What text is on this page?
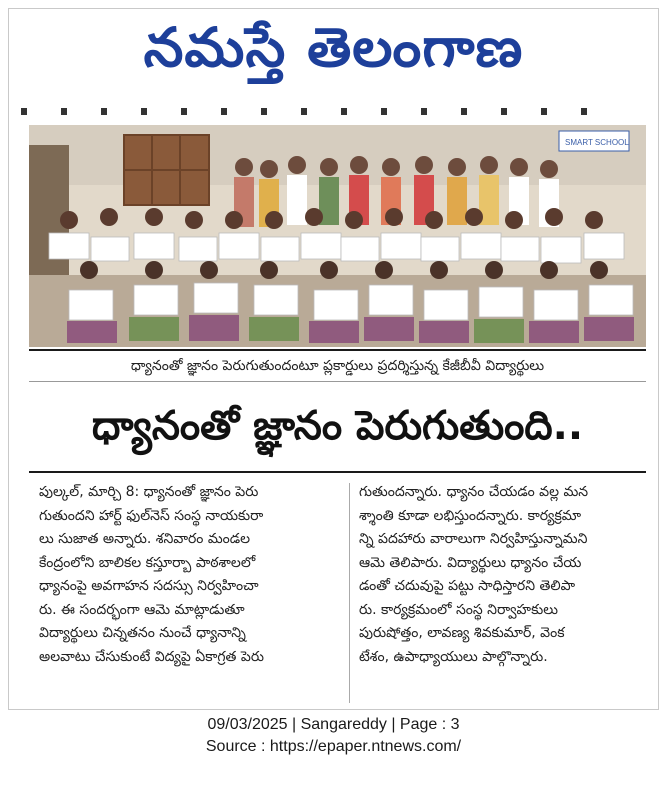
నమస్తే తెలంగాణ
SMART SCHOOL
ధ్యానంతో జ్ఞానం పెరుగుతుందంటూ ప్లకార్డులు ప్రదర్శిస్తున్న కేజీబీవీ విద్యార్థులు
ధ్యానంతో జ్ఞానం పెరుగుతుంది..

పుల్కల్, మార్చి 8: ధ్యానంతో జ్ఞానం పెరు

గుతుందని హార్ట్ ఫుల్‌నెస్ సంస్థ నాయకురా

లు సుజాత అన్నారు. శనివారం మండల

కేంద్రంలోని బాలికల కస్తూర్బా పాఠశాలలో

ధ్యానంపై అవగాహన సదస్సు నిర్వహించా

రు. ఈ సందర్భంగా ఆమె మాట్లాడుతూ

విద్యార్థులు చిన్నతనం నుంచే ధ్యానాన్ని

అలవాటు చేసుకుంటే విద్యపై ఏకాగ్రత పెరు

గుతుందన్నారు. ధ్యానం చేయడం వల్ల మన

శ్శాంతి కూడా లభిస్తుందన్నారు. కార్యక్రమా

న్ని పదహారు వారాలుగా నిర్వహిస్తున్నామని

ఆమె తెలిపారు. విద్యార్థులు ధ్యానం చేయ

డంతో చదువుపై పట్టు సాధిస్తారని తెలిపా

రు. కార్యక్రమంలో సంస్థ నిర్వాహకులు

పురుషోత్తం, లావణ్య శివకుమార్, వెంక

టేశం, ఉపాధ్యాయులు పాల్గొన్నారు.

09/03/2025 | Sangareddy | Page : 3
Source : https://epaper.ntnews.com/
